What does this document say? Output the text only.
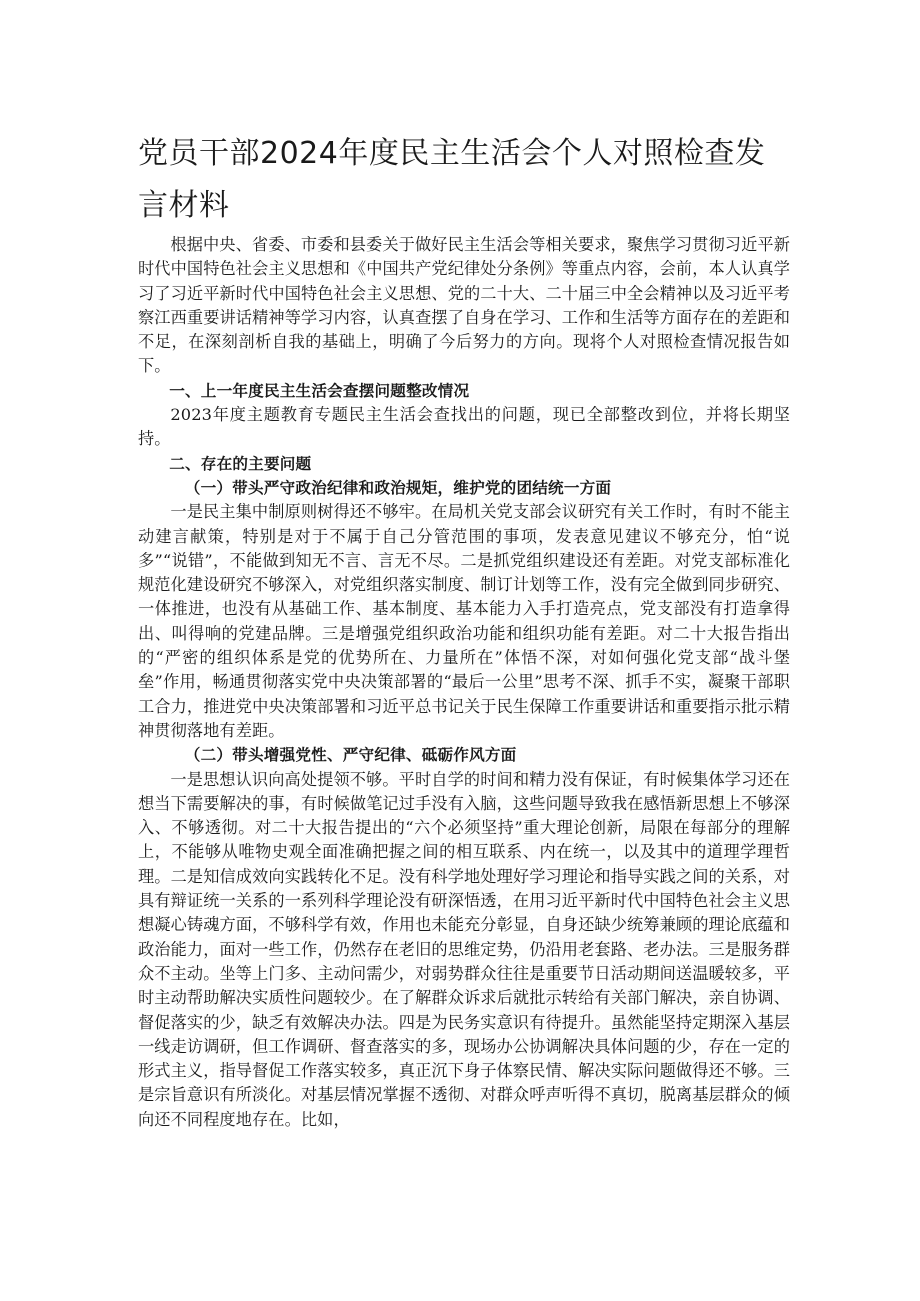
党员干部2024年度民主生活会个人对照检查发言材料

根据中央、省委、市委和县委关于做好民主生活会等相关要求，聚焦学习贯彻习近平新时代中国特色社会主义思想和《中国共产党纪律处分条例》等重点内容，会前，本人认真学习了习近平新时代中国特色社会主义思想、党的二十大、二十届三中全会精神以及习近平考察江西重要讲话精神等学习内容，认真查摆了自身在学习、工作和生活等方面存在的差距和不足，在深刻剖析自我的基础上，明确了今后努力的方向。现将个人对照检查情况报告如下。

一、上一年度民主生活会查摆问题整改情况

2023年度主题教育专题民主生活会查找出的问题，现已全部整改到位，并将长期坚持。

二、存在的主要问题

（一）带头严守政治纪律和政治规矩，维护党的团结统一方面

一是民主集中制原则树得还不够牢。在局机关党支部会议研究有关工作时，有时不能主动建言献策，特别是对于不属于自己分管范围的事项，发表意见建议不够充分，怕“说多”“说错”，不能做到知无不言、言无不尽。二是抓党组织建设还有差距。对党支部标准化规范化建设研究不够深入，对党组织落实制度、制订计划等工作，没有完全做到同步研究、一体推进，也没有从基础工作、基本制度、基本能力入手打造亮点，党支部没有打造拿得出、叫得响的党建品牌。三是增强党组织政治功能和组织功能有差距。对二十大报告指出的“严密的组织体系是党的优势所在、力量所在”体悟不深，对如何强化党支部“战斗堡垒”作用，畅通贯彻落实党中央决策部署的“最后一公里”思考不深、抓手不实，凝聚干部职工合力，推进党中央决策部署和习近平总书记关于民生保障工作重要讲话和重要指示批示精神贯彻落地有差距。

（二）带头增强党性、严守纪律、砥砺作风方面

一是思想认识向高处提领不够。平时自学的时间和精力没有保证，有时候集体学习还在想当下需要解决的事，有时候做笔记过手没有入脑，这些问题导致我在感悟新思想上不够深入、不够透彻。对二十大报告提出的“六个必须坚持”重大理论创新，局限在每部分的理解上，不能够从唯物史观全面准确把握之间的相互联系、内在统一，以及其中的道理学理哲理。二是知信成效向实践转化不足。没有科学地处理好学习理论和指导实践之间的关系，对具有辩证统一关系的一系列科学理论没有研深悟透，在用习近平新时代中国特色社会主义思想凝心铸魂方面，不够科学有效，作用也未能充分彰显，自身还缺少统筹兼顾的理论底蕴和政治能力，面对一些工作，仍然存在老旧的思维定势，仍沿用老套路、老办法。三是服务群众不主动。坐等上门多、主动问需少，对弱势群众往往是重要节日活动期间送温暖较多，平时主动帮助解决实质性问题较少。在了解群众诉求后就批示转给有关部门解决，亲自协调、督促落实的少，缺乏有效解决办法。四是为民务实意识有待提升。虽然能坚持定期深入基层一线走访调研，但工作调研、督查落实的多，现场办公协调解决具体问题的少，存在一定的形式主义，指导督促工作落实较多，真正沉下身子体察民情、解决实际问题做得还不够。三是宗旨意识有所淡化。对基层情况掌握不透彻、对群众呼声听得不真切，脱离基层群众的倾向还不同程度地存在。比如，
